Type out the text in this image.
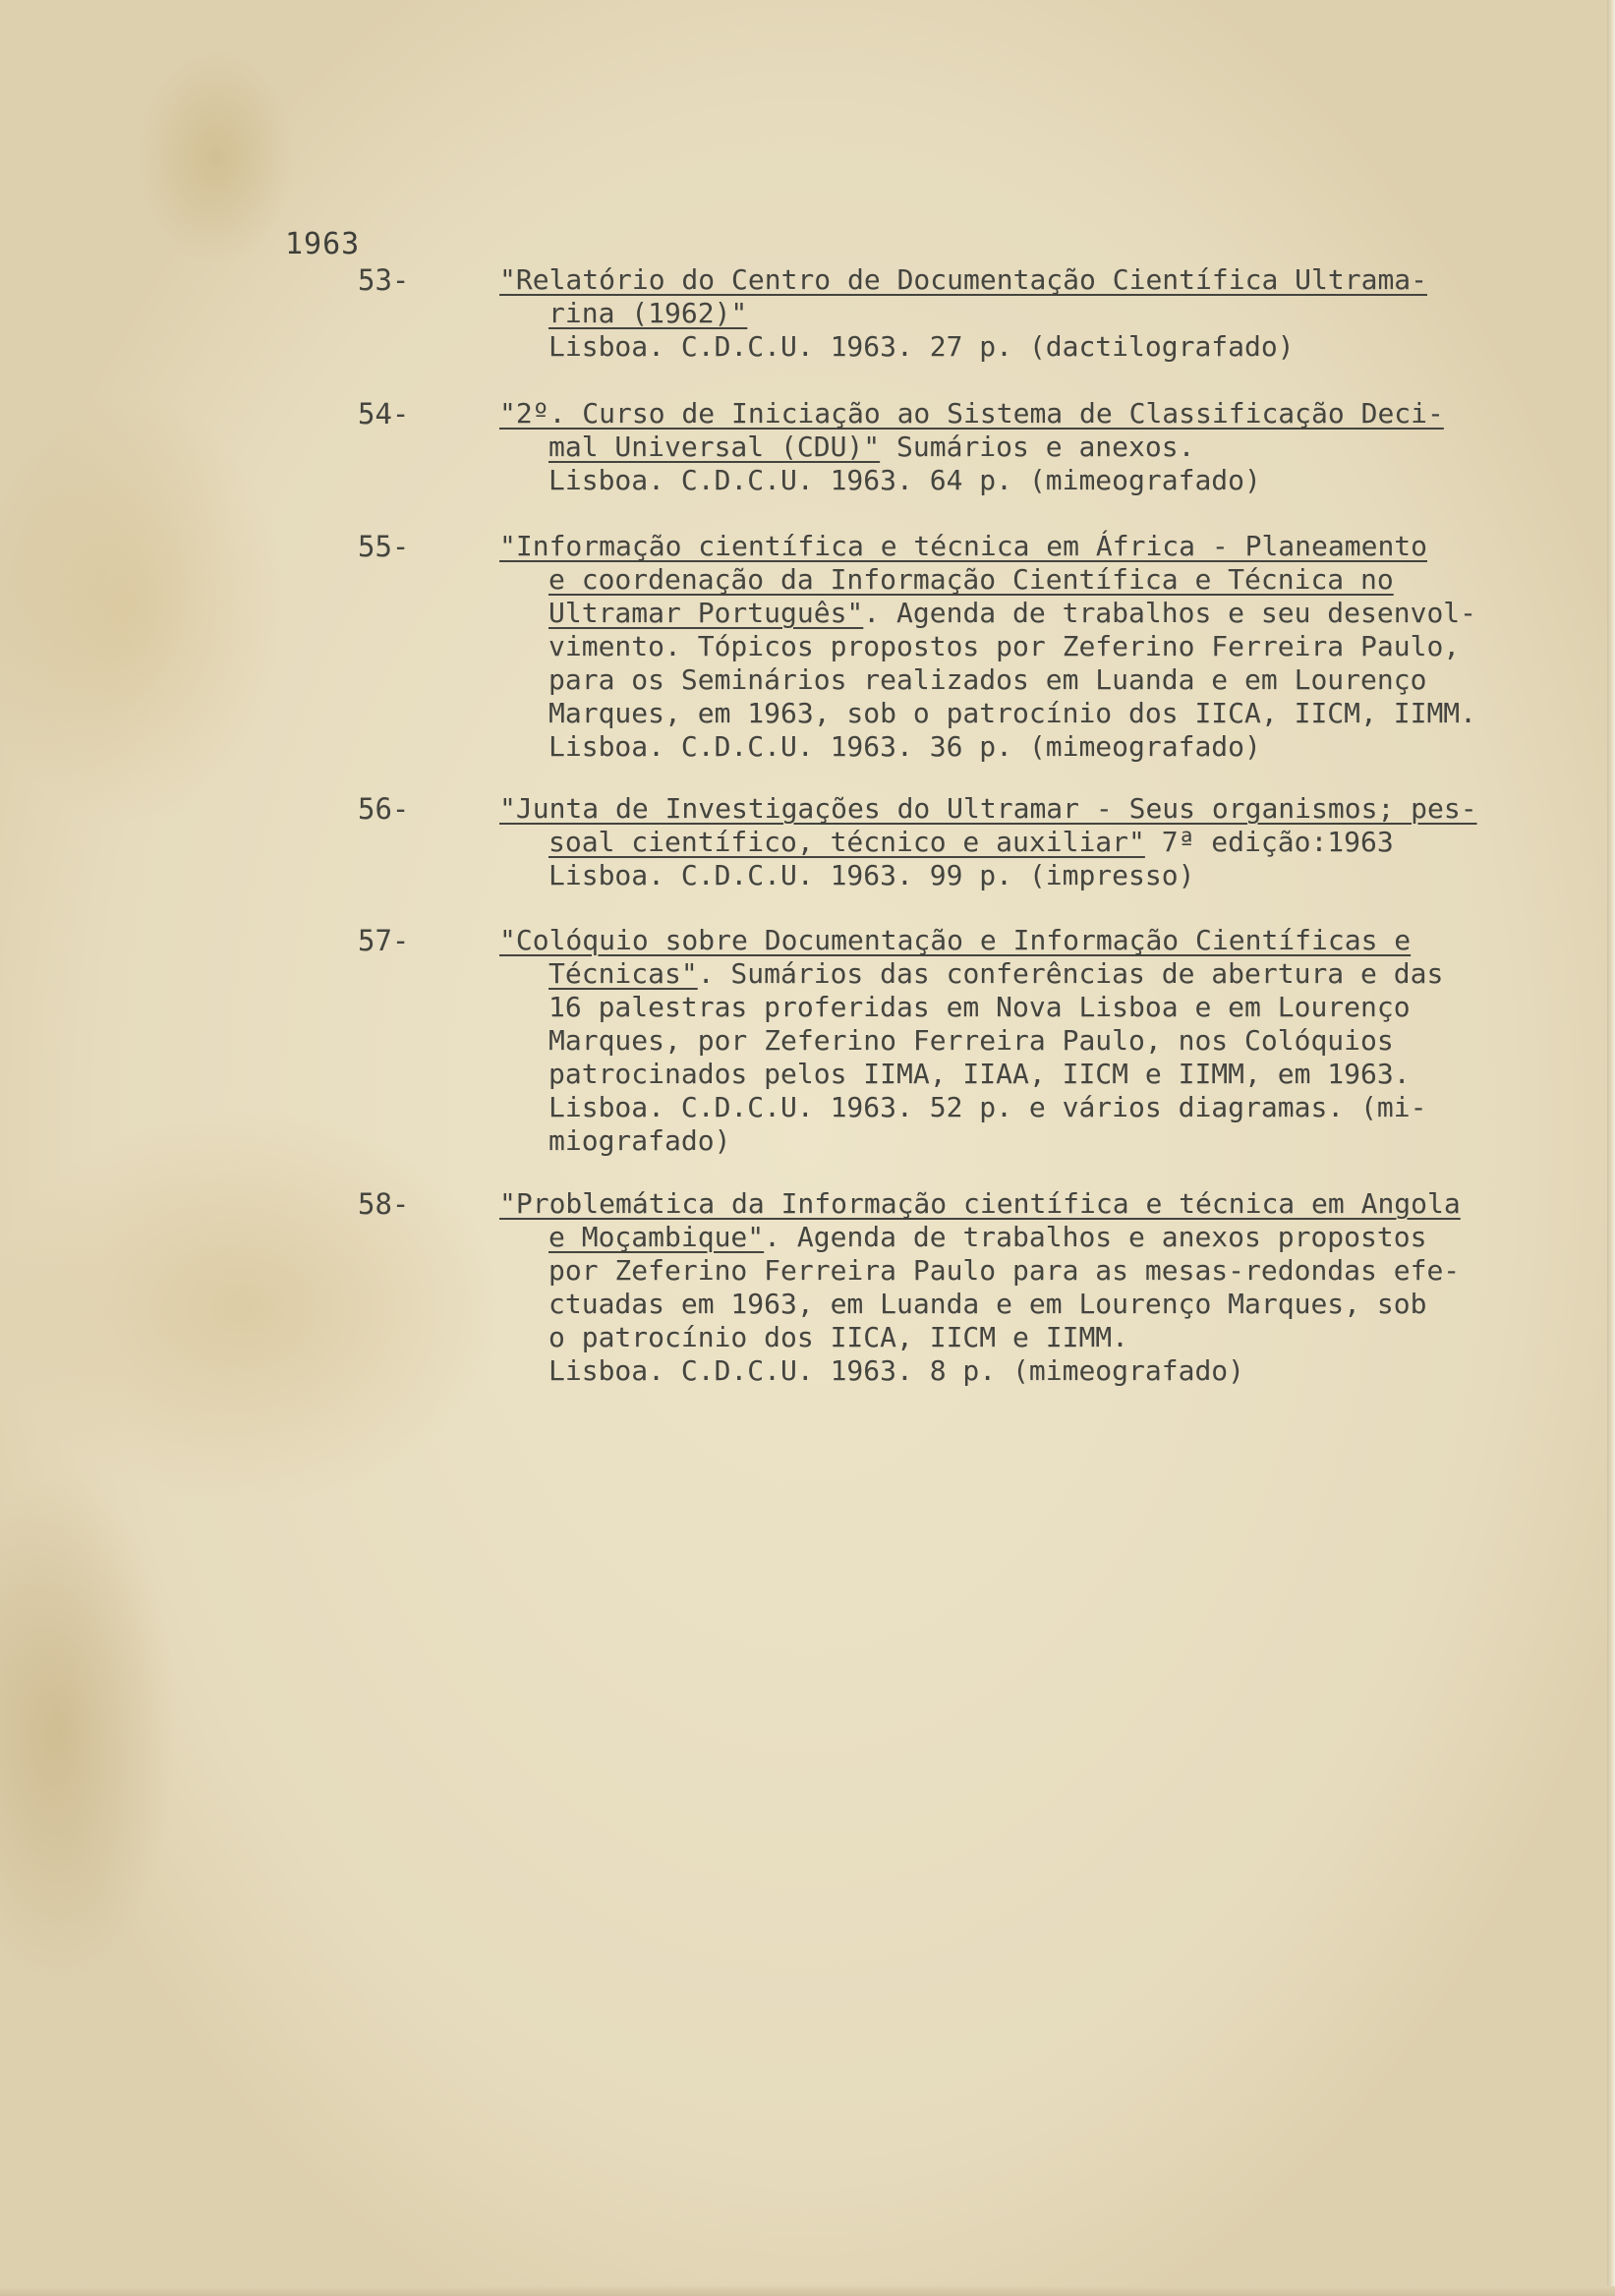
1963
53-	"Relatório do Centro de Documentação Científica Ultrama-
rina (1962)"
Lisboa. C.D.C.U. 1963. 27 p. (dactilografado)
54-	"2º. Curso de Iniciação ao Sistema de Classificação Deci-
mal Universal (CDU)" Sumários e anexos.
Lisboa. C.D.C.U. 1963. 64 p. (mimeografado)
55-	"Informação científica e técnica em África - Planeamento
e coordenação da Informação Científica e Técnica no
Ultramar Português". Agenda de trabalhos e seu desenvol-
vimento. Tópicos propostos por Zeferino Ferreira Paulo,
para os Seminários realizados em Luanda e em Lourenço
Marques, em 1963, sob o patrocínio dos IICA, IICM, IIMM.
Lisboa. C.D.C.U. 1963. 36 p. (mimeografado)
56-	"Junta de Investigações do Ultramar - Seus organismos; pes-
soal científico, técnico e auxiliar" 7ª edição:1963
Lisboa. C.D.C.U. 1963. 99 p. (impresso)
57-	"Colóquio sobre Documentação e Informação Científicas e
Técnicas". Sumários das conferências de abertura e das
16 palestras proferidas em Nova Lisboa e em Lourenço
Marques, por Zeferino Ferreira Paulo, nos Colóquios
patrocinados pelos IIMA, IIAA, IICM e IIMM, em 1963.
Lisboa. C.D.C.U. 1963. 52 p. e vários diagramas. (mi-
miografado)
58-	"Problemática da Informação científica e técnica em Angola
e Moçambique". Agenda de trabalhos e anexos propostos
por Zeferino Ferreira Paulo para as mesas-redondas efe-
ctuadas em 1963, em Luanda e em Lourenço Marques, sob
o patrocínio dos IICA, IICM e IIMM.
Lisboa. C.D.C.U. 1963. 8 p. (mimeografado)
